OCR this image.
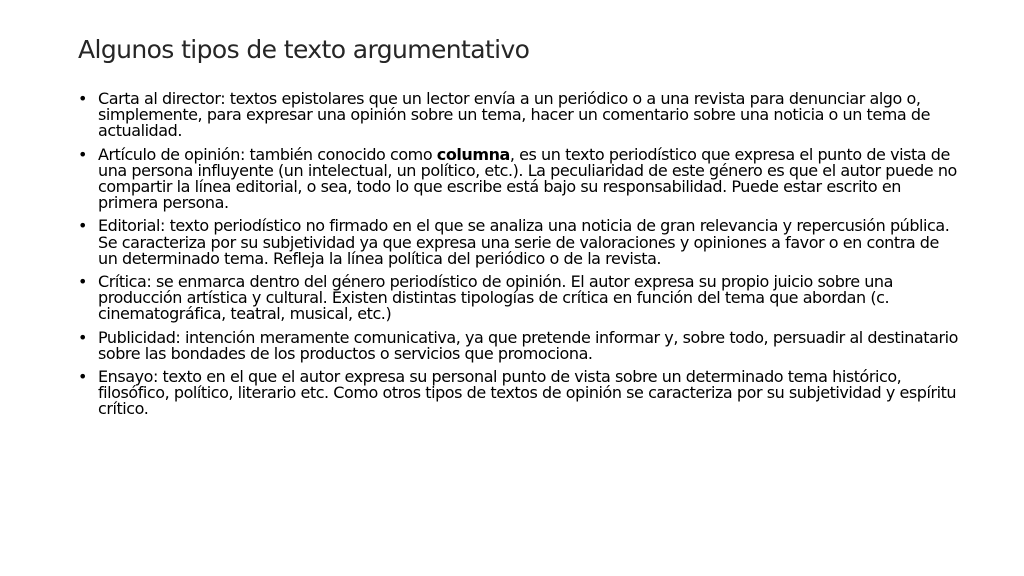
Algunos tipos de texto argumentativo
• Carta al director: textos epistolares que un lector envía a un periódico o a una revista para denunciar algo o, simplemente, para expresar una opinión sobre un tema, hacer un comentario sobre una noticia o un tema de actualidad.
• Artículo de opinión: también conocido como columna, es un texto periodístico que expresa el punto de vista de una persona influyente (un intelectual, un político, etc.). La peculiaridad de este género es que el autor puede no compartir la línea editorial, o sea, todo lo que escribe está bajo su responsabilidad. Puede estar escrito en primera persona.
• Editorial: texto periodístico no firmado en el que se analiza una noticia de gran relevancia y repercusión pública. Se caracteriza por su subjetividad ya que expresa una serie de valoraciones y opiniones a favor o en contra de un determinado tema. Refleja la línea política del periódico o de la revista.
• Crítica: se enmarca dentro del género periodístico de opinión. El autor expresa su propio juicio sobre una producción artística y cultural. Existen distintas tipologías de crítica en función del tema que abordan (c. cinematográfica, teatral, musical, etc.)
• Publicidad: intención meramente comunicativa, ya que pretende informar y, sobre todo, persuadir al destinatario sobre las bondades de los productos o servicios que promociona.
• Ensayo: texto en el que el autor expresa su personal punto de vista sobre un determinado tema histórico, filosófico, político, literario etc. Como otros tipos de textos de opinión se caracteriza por su subjetividad y espíritu crítico.
